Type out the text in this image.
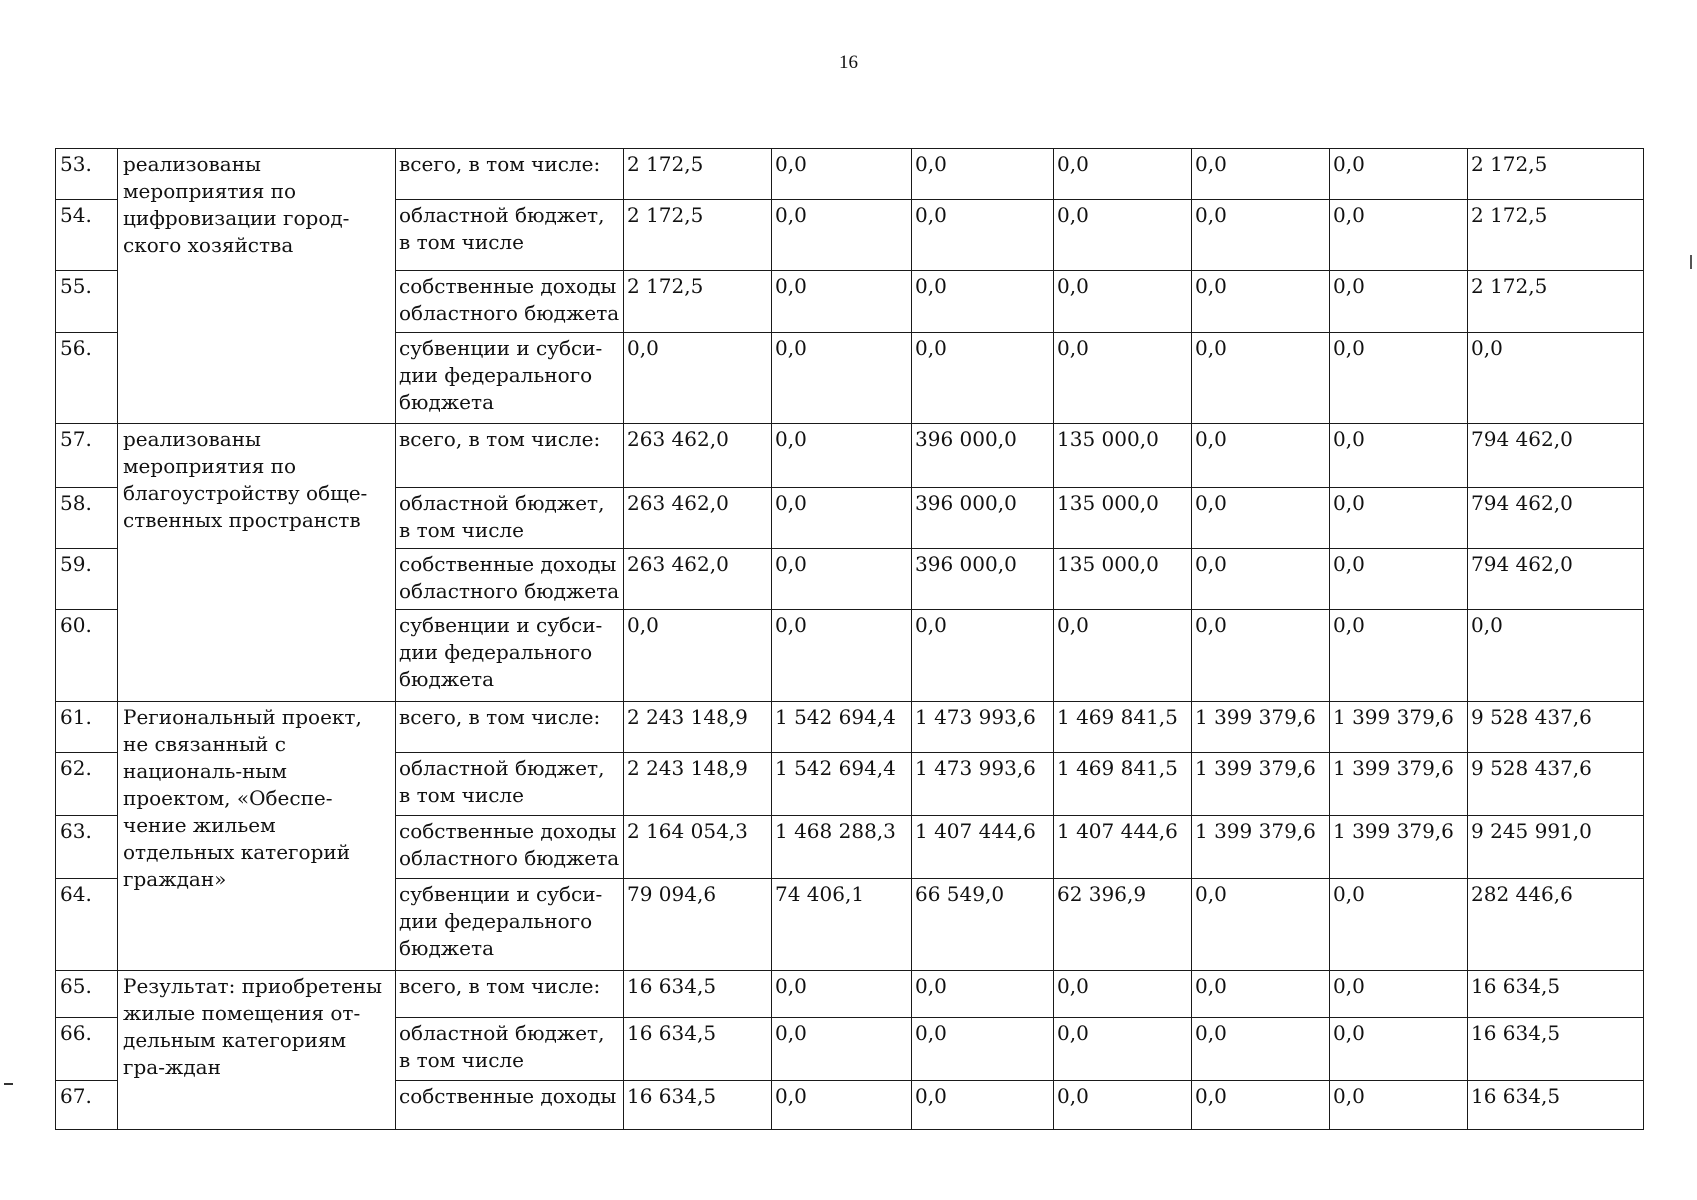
16
53.	реализованы мероприятия по цифровизации город-ского хозяйства	всего, в том числе:	2 172,5	0,0	0,0	0,0	0,0	0,0	2 172,5
54.		областной бюджет, в том числе	2 172,5	0,0	0,0	0,0	0,0	0,0	2 172,5
55.		собственные доходы областного бюджета	2 172,5	0,0	0,0	0,0	0,0	0,0	2 172,5
56.		субвенции и субси-дии федерального бюджета	0,0	0,0	0,0	0,0	0,0	0,0	0,0
57.	реализованы мероприятия по благоустройству обще-ственных пространств	всего, в том числе:	263 462,0	0,0	396 000,0	135 000,0	0,0	0,0	794 462,0
58.		областной бюджет, в том числе	263 462,0	0,0	396 000,0	135 000,0	0,0	0,0	794 462,0
59.		собственные доходы областного бюджета	263 462,0	0,0	396 000,0	135 000,0	0,0	0,0	794 462,0
60.		субвенции и субси-дии федерального бюджета	0,0	0,0	0,0	0,0	0,0	0,0	0,0
61.	Региональный проект, не связанный с националь-ным проектом, «Обеспе-чение жильем отдельных категорий граждан»	всего, в том числе:	2 243 148,9	1 542 694,4	1 473 993,6	1 469 841,5	1 399 379,6	1 399 379,6	9 528 437,6
62.		областной бюджет, в том числе	2 243 148,9	1 542 694,4	1 473 993,6	1 469 841,5	1 399 379,6	1 399 379,6	9 528 437,6
63.		собственные доходы областного бюджета	2 164 054,3	1 468 288,3	1 407 444,6	1 407 444,6	1 399 379,6	1 399 379,6	9 245 991,0
64.		субвенции и субси-дии федерального бюджета	79 094,6	74 406,1	66 549,0	62 396,9	0,0	0,0	282 446,6
65.	Результат: приобретены жилые помещения от-дельным категориям гра-ждан	всего, в том числе:	16 634,5	0,0	0,0	0,0	0,0	0,0	16 634,5
66.		областной бюджет, в том числе	16 634,5	0,0	0,0	0,0	0,0	0,0	16 634,5
67.		собственные доходы	16 634,5	0,0	0,0	0,0	0,0	0,0	16 634,5
